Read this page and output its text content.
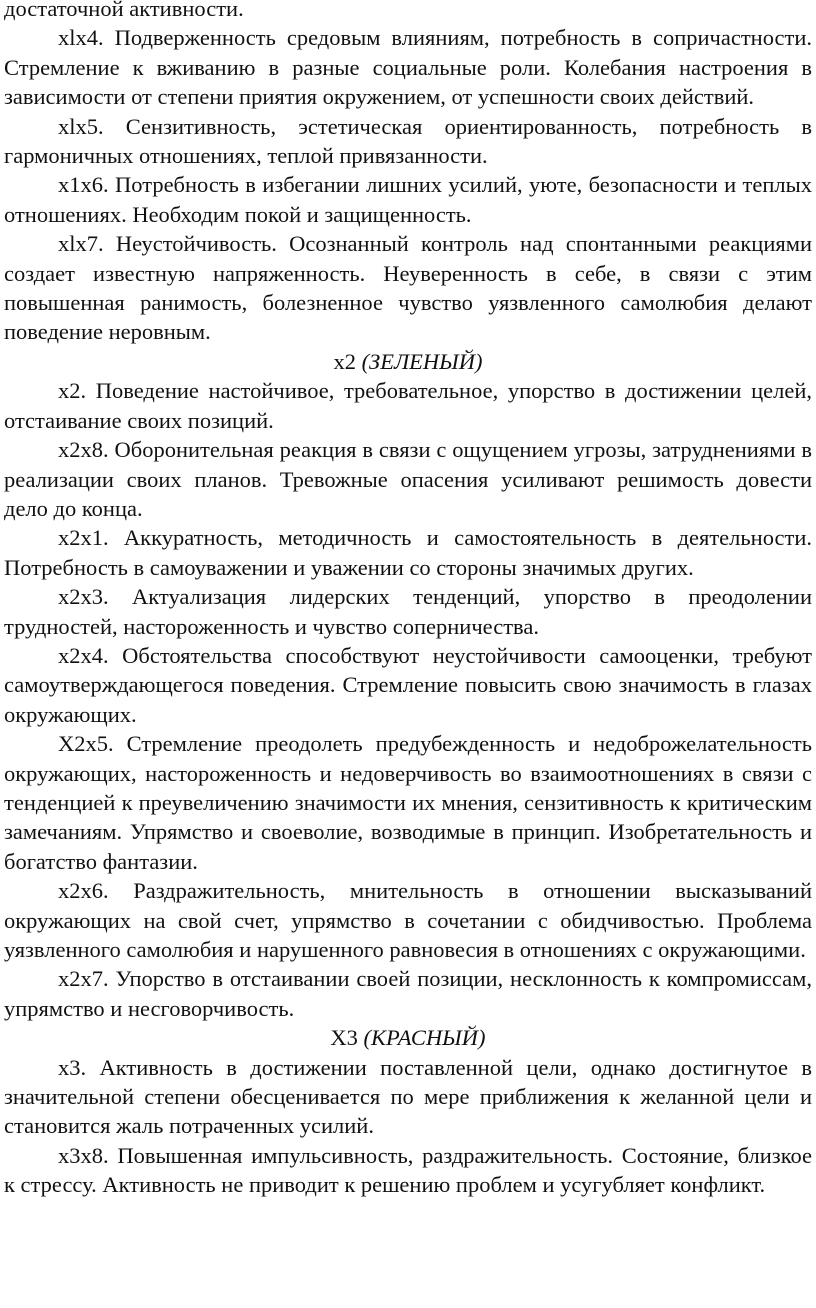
достаточной активности.

xlx4. Подверженность средовым влияниям, потребность в сопричастности. Стремление к вживанию в разные социальные роли. Колебания настроения в зависимости от степени приятия окружением, от успешности своих действий.

xlx5. Сензитивность, эстетическая ориентированность, потребность в гармоничных отношениях, теплой привязанности.

x1x6. Потребность в избегании лишних усилий, уюте, безопасности и теплых отношениях. Необходим покой и защищенность.

xlx7. Неустойчивость. Осознанный контроль над спонтанными реакциями создает известную напряженность. Неуверенность в себе, в связи с этим повышенная ранимость, болезненное чувство уязвленного самолюбия делают поведение неровным.

x2 (ЗЕЛЕНЫЙ)

x2. Поведение настойчивое, требовательное, упорство в достижении целей, отстаивание своих позиций.

x2x8. Оборонительная реакция в связи с ощущением угрозы, затруднениями в реализации своих планов. Тревожные опасения усиливают решимость довести дело до конца.

x2x1. Аккуратность, методичность и самостоятельность в деятельности. Потребность в самоуважении и уважении со стороны значимых других.

x2x3. Актуализация лидерских тенденций, упорство в преодолении трудностей, настороженность и чувство соперничества.

x2x4. Обстоятельства способствуют неустойчивости самооценки, требуют самоутверждающегося поведения. Стремление повысить свою значимость в глазах окружающих.

X2x5. Стремление преодолеть предубежденность и недоброжелательность окружающих, настороженность и недоверчивость во взаимоотношениях в связи с тенденцией к преувеличению значимости их мнения, сензитивность к критическим замечаниям. Упрямство и своеволие, возводимые в принцип. Изобретательность и богатство фантазии.

x2x6. Раздражительность, мнительность в отношении высказываний окружающих на свой счет, упрямство в сочетании с обидчивостью. Проблема уязвленного самолюбия и нарушенного равновесия в отношениях с окружающими.

x2x7. Упорство в отстаивании своей позиции, несклонность к компромиссам, упрямство и несговорчивость.

X3 (КРАСНЫЙ)

x3. Активность в достижении поставленной цели, однако достигнутое в значительной степени обесценивается по мере приближения к желанной цели и становится жаль потраченных усилий.

x3x8. Повышенная импульсивность, раздражительность. Состояние, близкое к стрессу. Активность не приводит к решению проблем и усугубляет конфликт.
